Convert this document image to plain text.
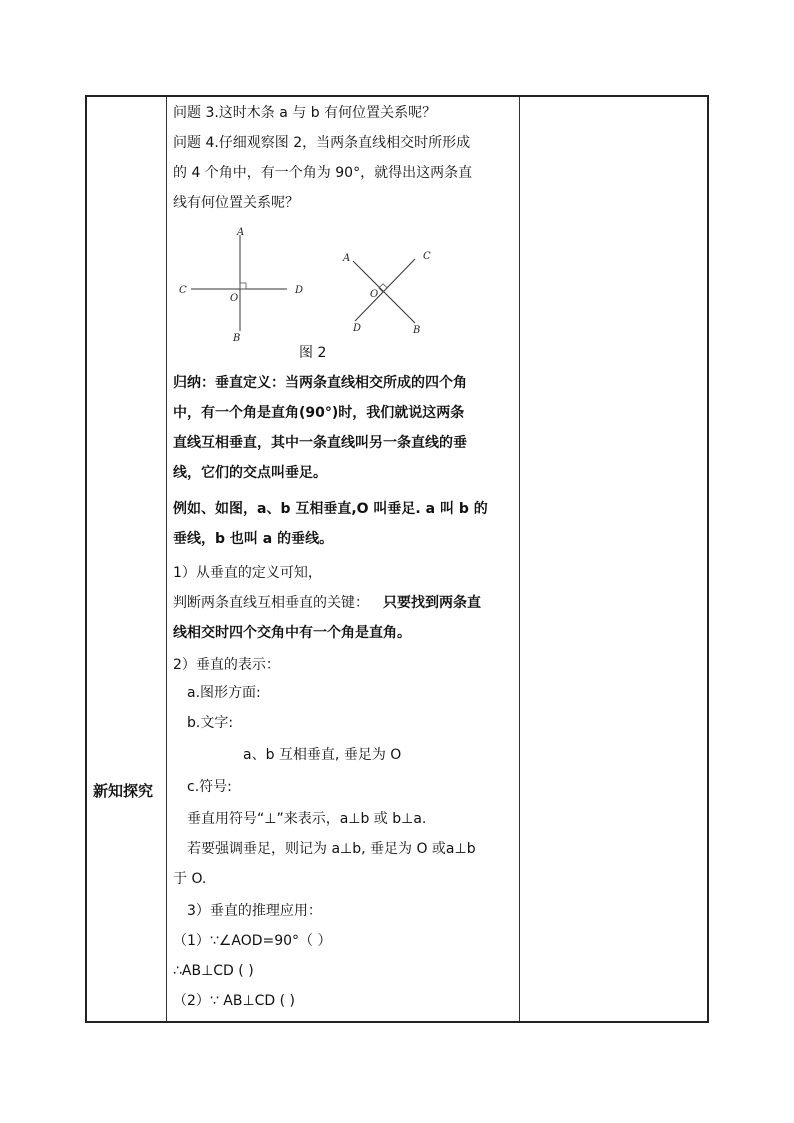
新知探究
问题 3.这时木条 a 与 b 有何位置关系呢？
问题 4.仔细观察图 2，当两条直线相交时所形成
的 4 个角中，有一个角为 90°，就得出这两条直
线有何位置关系呢？
A
B
C	D
O
A
B
C
D
O
图 2
归纳：垂直定义：当两条直线相交所成的四个角
中，有一个角是直角(90°)时，我们就说这两条
直线互相垂直，其中一条直线叫另一条直线的垂
线，它们的交点叫垂足。
例如、如图，a、b 互相垂直,O 叫垂足. a 叫 b 的
垂线，b 也叫 a 的垂线。
1）从垂直的定义可知，
判断两条直线互相垂直的关键： 只要找到两条直
线相交时四个交角中有一个角是直角。
2）垂直的表示：
a.图形方面:
b.文字:
a、b 互相垂直, 垂足为 O
c.符号:
垂直用符号“⊥”来表示，a⊥b 或 b⊥a.
若要强调垂足，则记为 a⊥b, 垂足为 O 或a⊥b
于 O.
3）垂直的推理应用：
（1）∵∠AOD=90°（ ）
∴AB⊥CD ( )
（2）∵ AB⊥CD ( )
